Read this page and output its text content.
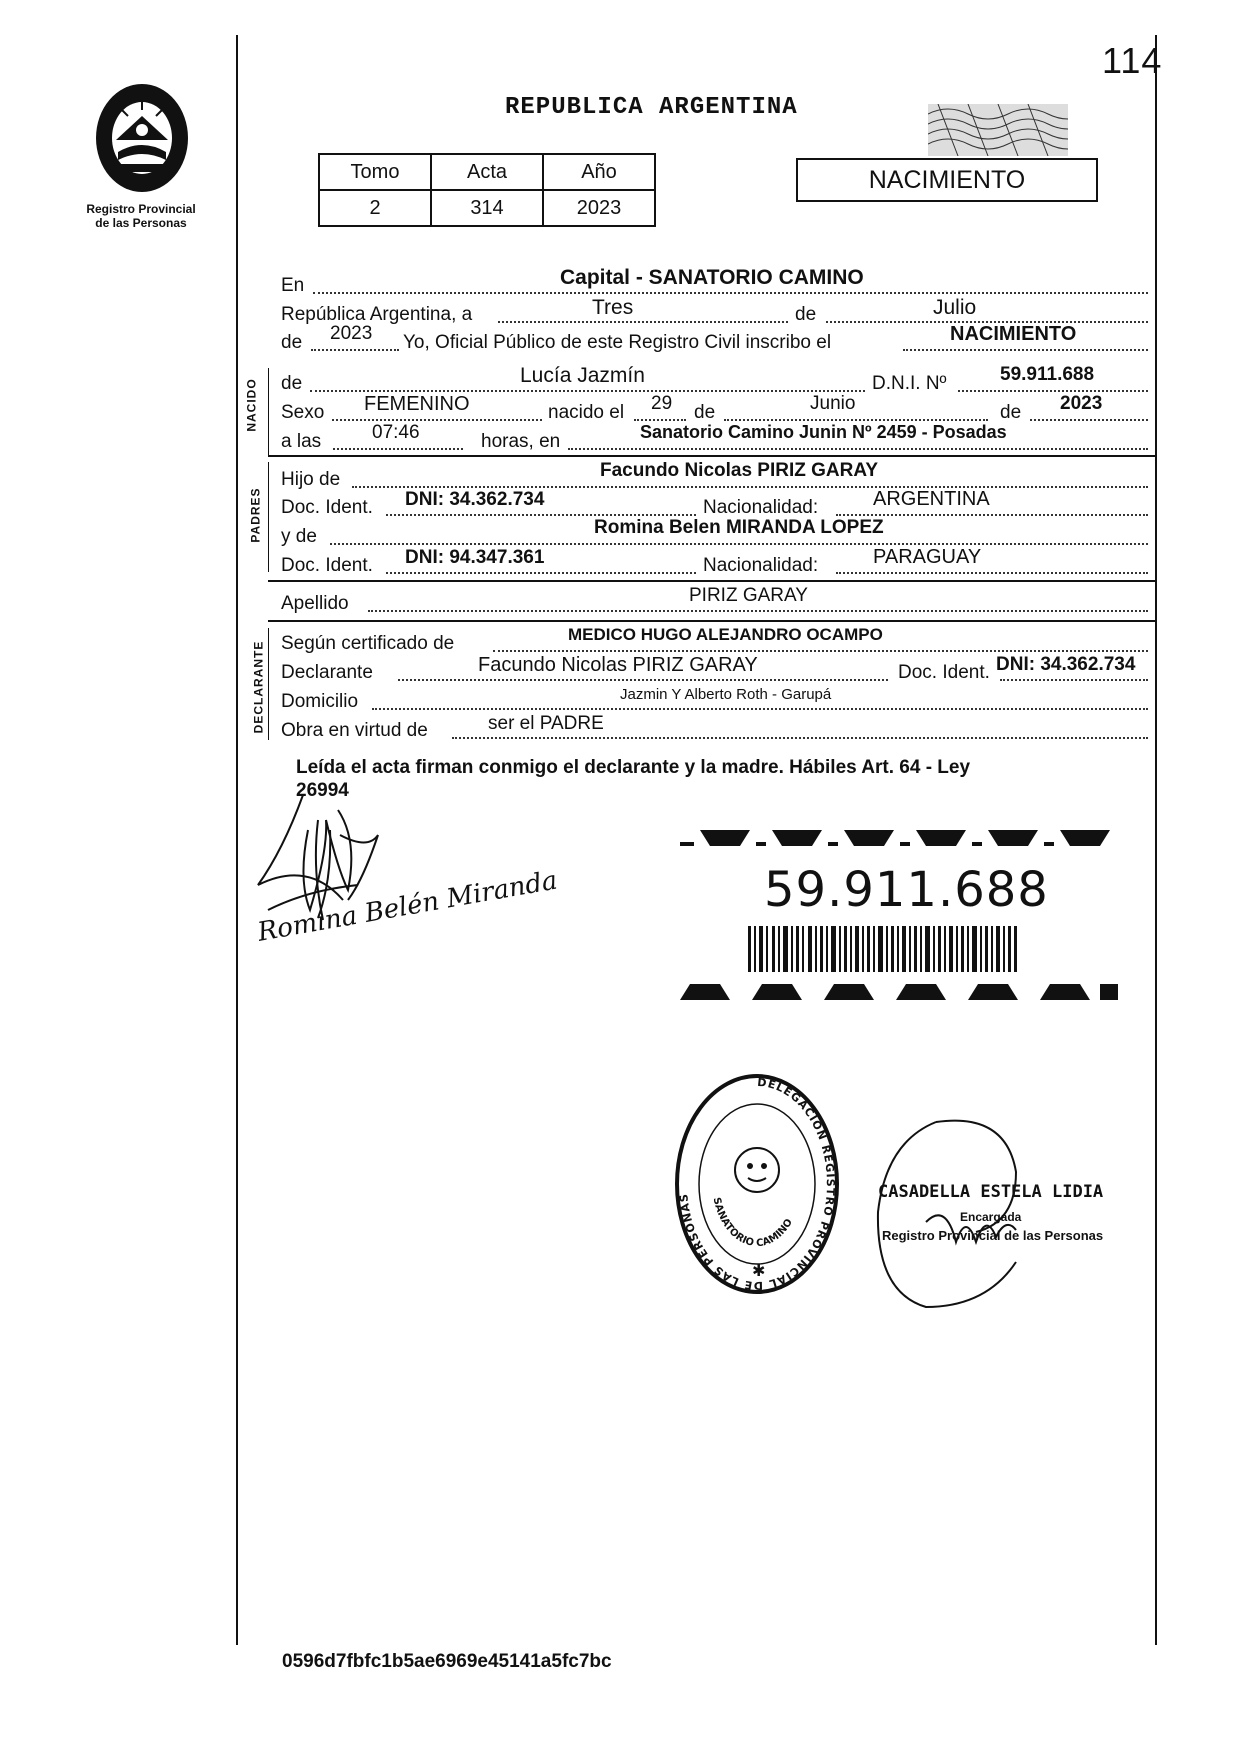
Registro Provincial
de las Personas
REPUBLICA ARGENTINA
114
Tomo	Acta	Año
2	314	2023
NACIMIENTO
En	Capital - SANATORIO CAMINO
República Argentina, a	Tres	de	Julio
de 2023 Yo, Oficial Público de este Registro Civil inscribo el	NACIMIENTO
NACIDO de	Lucía Jazmín	D.N.I. Nº	59.911.688
Sexo FEMENINO	nacido el 29 de	Junio	de 2023
a las	07:46	horas, en	Sanatorio Camino Junin Nº 2459 - Posadas
PADRES
Hijo de	Facundo Nicolas PIRIZ GARAY
Doc. Ident. DNI: 34.362.734	Nacionalidad:	ARGENTINA
y de	Romina Belen MIRANDA LOPEZ
Doc. Ident. DNI: 94.347.361	Nacionalidad:	PARAGUAY
Apellido	PIRIZ GARAY
DECLARANTE Según certificado de	MEDICO HUGO ALEJANDRO OCAMPO
Declarante	Facundo Nicolas PIRIZ GARAY	Doc. Ident. DNI: 34.362.734
Domicilio	Jazmin Y Alberto Roth - Garupá
Obra en virtud de	ser el PADRE
Leída el acta firman conmigo el declarante y la madre. Hábiles Art. 64 - Ley
26994
Romina Belén Miranda	59.911.688
DELEGACION REGISTRO PROVINCIAL DE LAS PERSONAS	SANATORIO CAMINO
✱
CASADELLA ESTELA LIDIA
Encargada
Registro Provincial de las Personas
0596d7fbfc1b5ae6969e45141a5fc7bc
